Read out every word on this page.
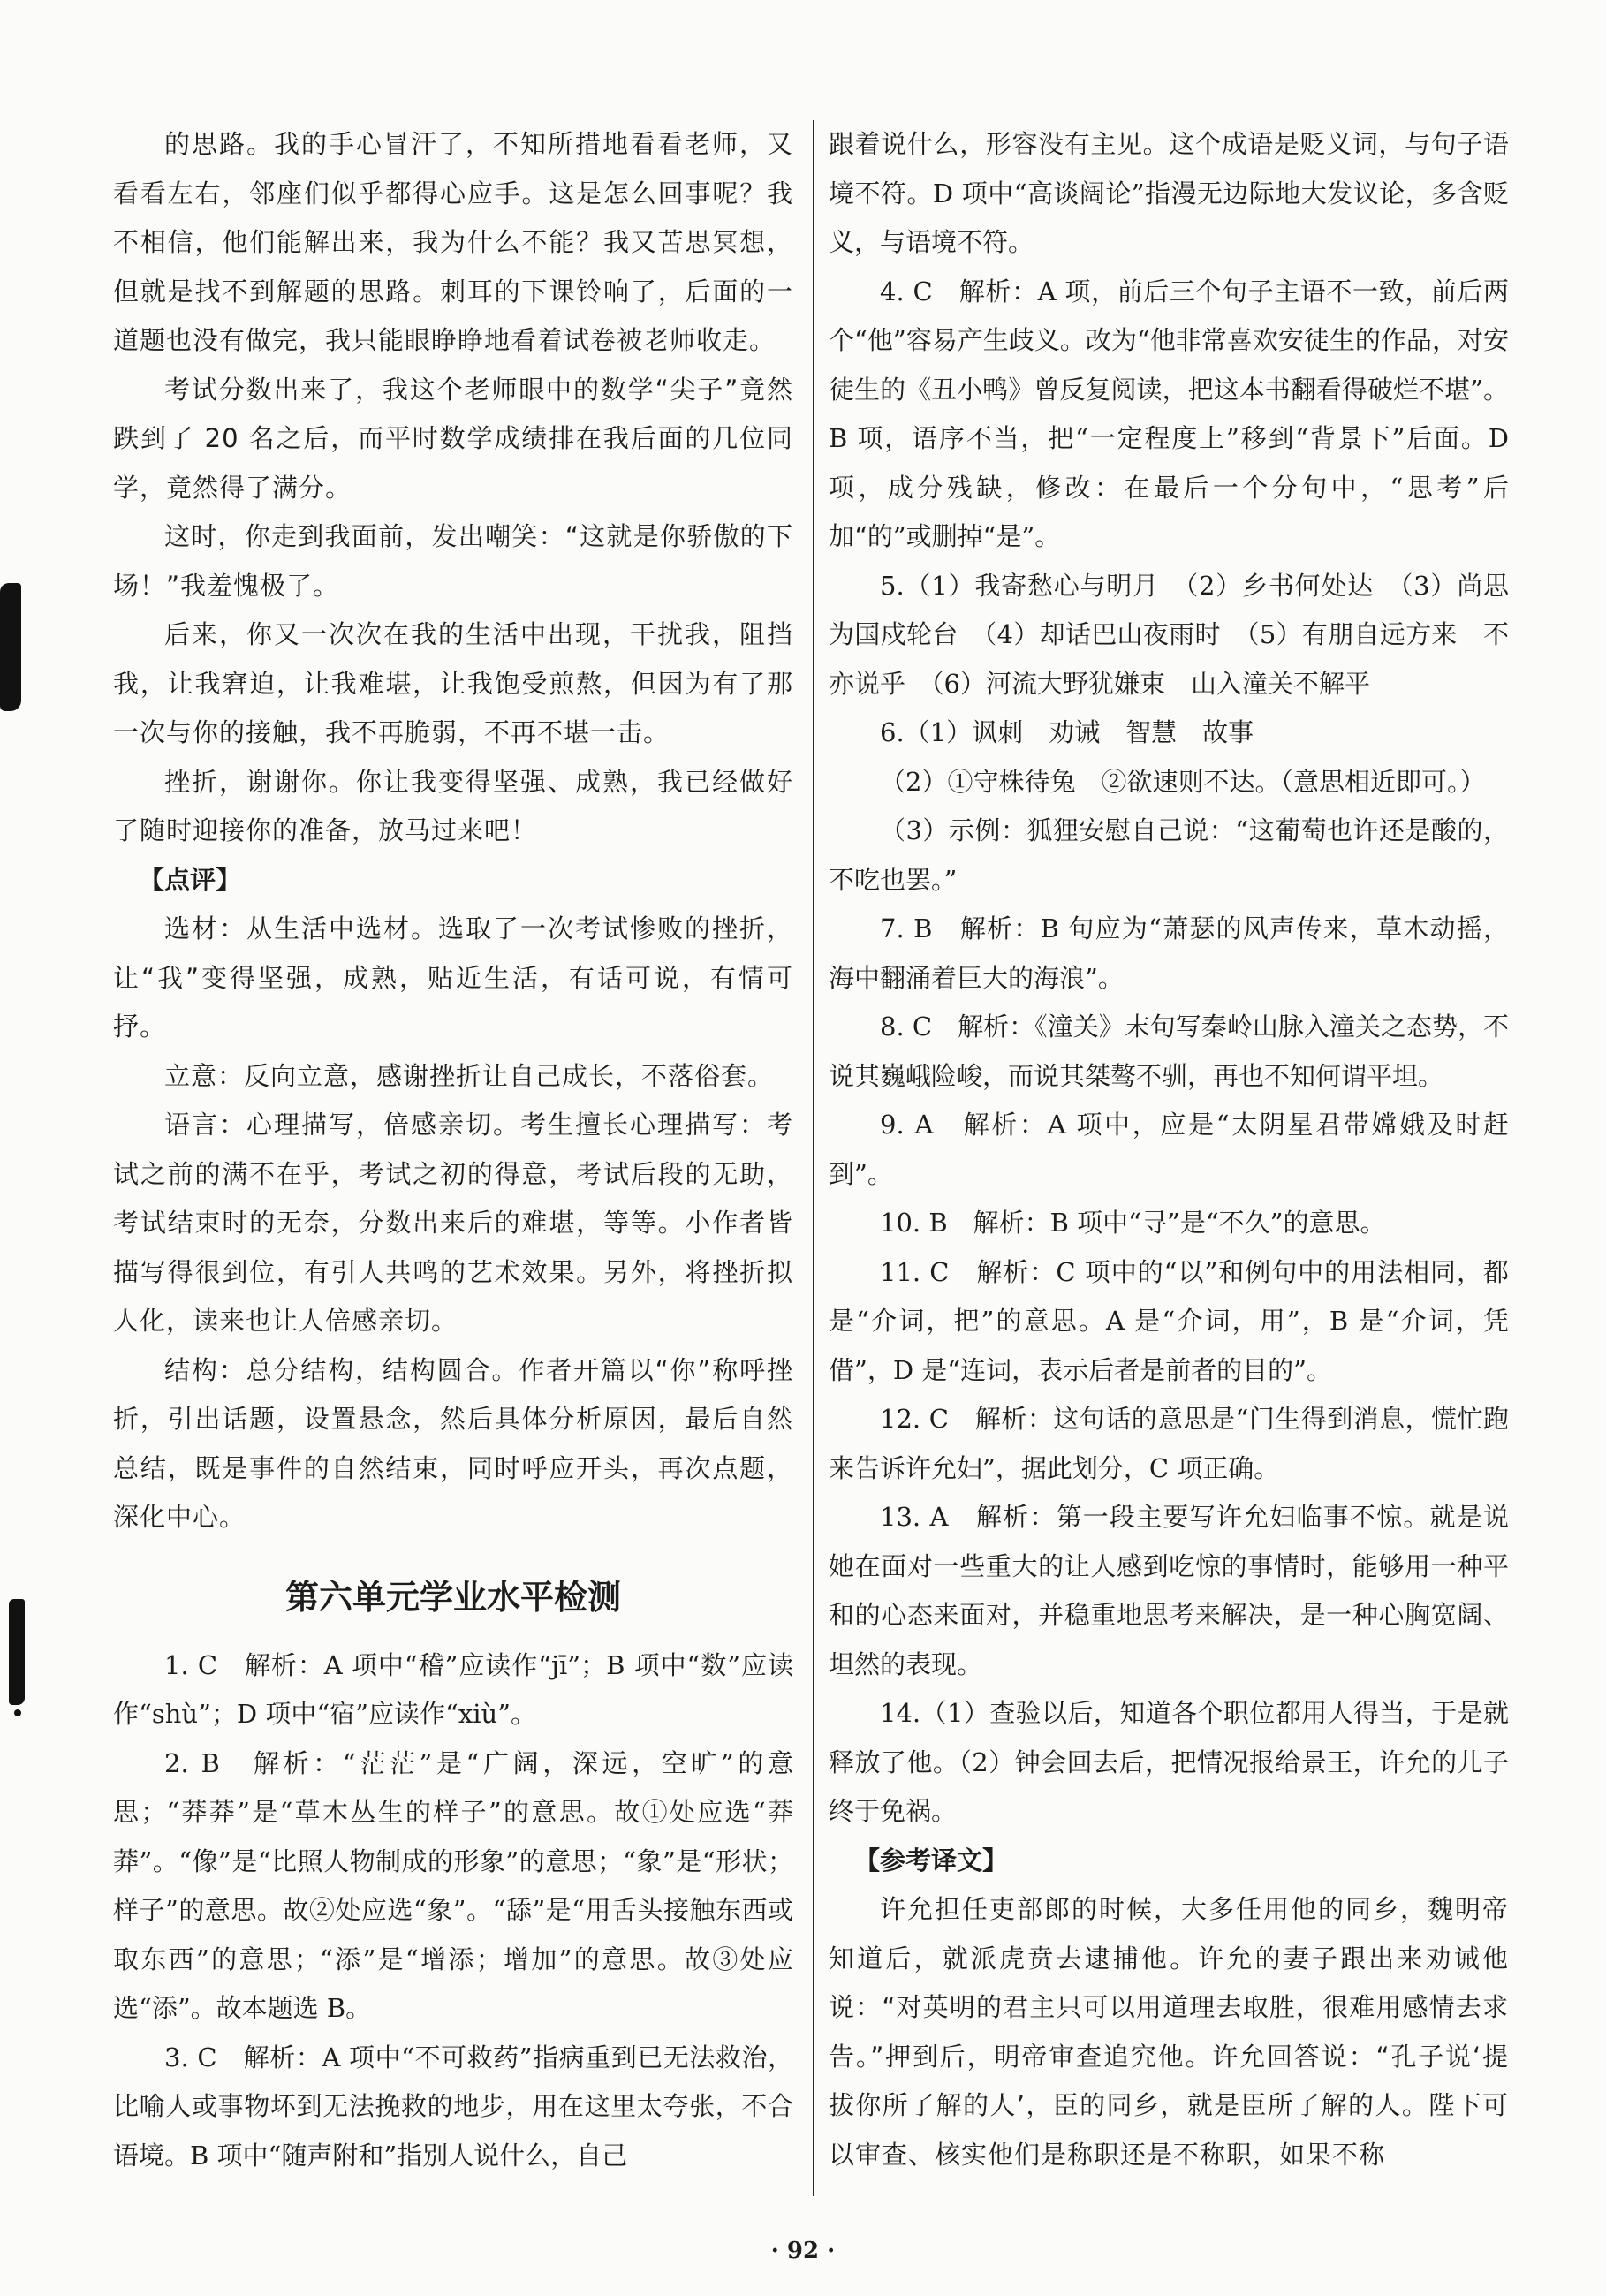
的思路。我的手心冒汗了，不知所措地看看老师，又看看左右，邻座们似乎都得心应手。这是怎么回事呢？我不相信，他们能解出来，我为什么不能？我又苦思冥想，但就是找不到解题的思路。刺耳的下课铃响了，后面的一道题也没有做完，我只能眼睁睁地看着试卷被老师收走。

考试分数出来了，我这个老师眼中的数学“尖子”竟然跌到了 20 名之后，而平时数学成绩排在我后面的几位同学，竟然得了满分。

这时，你走到我面前，发出嘲笑：“这就是你骄傲的下场！”我羞愧极了。

后来，你又一次次在我的生活中出现，干扰我，阻挡我，让我窘迫，让我难堪，让我饱受煎熬，但因为有了那一次与你的接触，我不再脆弱，不再不堪一击。

挫折，谢谢你。你让我变得坚强、成熟，我已经做好了随时迎接你的准备，放马过来吧！

【点评】

选材：从生活中选材。选取了一次考试惨败的挫折，让“我”变得坚强，成熟，贴近生活，有话可说，有情可抒。

立意：反向立意，感谢挫折让自己成长，不落俗套。

语言：心理描写，倍感亲切。考生擅长心理描写：考试之前的满不在乎，考试之初的得意，考试后段的无助，考试结束时的无奈，分数出来后的难堪，等等。小作者皆描写得很到位，有引人共鸣的艺术效果。另外，将挫折拟人化，读来也让人倍感亲切。

结构：总分结构，结构圆合。作者开篇以“你”称呼挫折，引出话题，设置悬念，然后具体分析原因，最后自然总结，既是事件的自然结束，同时呼应开头，再次点题，深化中心。

第六单元学业水平检测

1. C　解析：A 项中“稽”应读作“jī”；B 项中“数”应读作“shù”；D 项中“宿”应读作“xiù”。

2. B　解析：“茫茫”是“广阔，深远，空旷”的意思；“莽莽”是“草木丛生的样子”的意思。故①处应选“莽莽”。“像”是“比照人物制成的形象”的意思；“象”是“形状；样子”的意思。故②处应选“象”。“舔”是“用舌头接触东西或取东西”的意思；“添”是“增添；增加”的意思。故③处应选“添”。故本题选 B。

3. C　解析：A 项中“不可救药”指病重到已无法救治，比喻人或事物坏到无法挽救的地步，用在这里太夸张，不合语境。B 项中“随声附和”指别人说什么，自己

跟着说什么，形容没有主见。这个成语是贬义词，与句子语境不符。D 项中“高谈阔论”指漫无边际地大发议论，多含贬义，与语境不符。

4. C　解析：A 项，前后三个句子主语不一致，前后两个“他”容易产生歧义。改为“他非常喜欢安徒生的作品，对安徒生的《丑小鸭》曾反复阅读，把这本书翻看得破烂不堪”。B 项，语序不当，把“一定程度上”移到“背景下”后面。D 项，成分残缺，修改：在最后一个分句中，“思考”后加“的”或删掉“是”。

5.（1）我寄愁心与明月　（2）乡书何处达　（3）尚思为国戍轮台　（4）却话巴山夜雨时　（5）有朋自远方来　不亦说乎　（6）河流大野犹嫌束　山入潼关不解平

6.（1）讽刺　劝诫　智慧　故事

（2）①守株待兔　②欲速则不达。（意思相近即可。）

（3）示例：狐狸安慰自己说：“这葡萄也许还是酸的，不吃也罢。”

7. B　解析：B 句应为“萧瑟的风声传来，草木动摇，海中翻涌着巨大的海浪”。

8. C　解析：《潼关》末句写秦岭山脉入潼关之态势，不说其巍峨险峻，而说其桀骜不驯，再也不知何谓平坦。

9. A　解析：A 项中，应是“太阴星君带嫦娥及时赶到”。

10. B　解析：B 项中“寻”是“不久”的意思。

11. C　解析：C 项中的“以”和例句中的用法相同，都是“介词，把”的意思。A 是“介词，用”，B 是“介词，凭借”，D 是“连词，表示后者是前者的目的”。

12. C　解析：这句话的意思是“门生得到消息，慌忙跑来告诉许允妇”，据此划分，C 项正确。

13. A　解析：第一段主要写许允妇临事不惊。就是说她在面对一些重大的让人感到吃惊的事情时，能够用一种平和的心态来面对，并稳重地思考来解决，是一种心胸宽阔、坦然的表现。

14.（1）查验以后，知道各个职位都用人得当，于是就释放了他。（2）钟会回去后，把情况报给景王，许允的儿子终于免祸。

【参考译文】

许允担任吏部郎的时候，大多任用他的同乡，魏明帝知道后，就派虎贲去逮捕他。许允的妻子跟出来劝诫他说：“对英明的君主只可以用道理去取胜，很难用感情去求告。”押到后，明帝审查追究他。许允回答说：“孔子说‘提拔你所了解的人’，臣的同乡，就是臣所了解的人。陛下可以审查、核实他们是称职还是不称职，如果不称

· 92 ·
